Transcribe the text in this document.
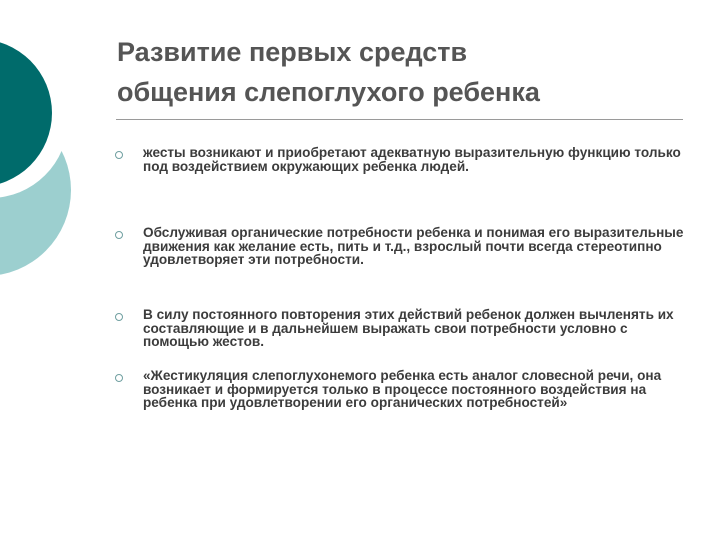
Развитие первых средств
общения слепоглухого ребенка
жесты возникают и приобретают адекватную выразительную функцию только под воздействием окружающих ребенка людей.
Обслуживая органические потребности ребенка и понимая его выразительные движения как желание есть, пить и т.д., взрослый почти всегда стереотипно удовлетворяет эти потребности.
В силу постоянного повторения этих действий ребенок должен вычленять их составляющие и в дальнейшем выражать свои потребности условно с помощью жестов.
«Жестикуляция слепоглухонемого ребенка есть аналог словесной речи, она возникает и формируется только в процессе постоянного воздействия на ребенка при удовлетворении его органических потребностей»
